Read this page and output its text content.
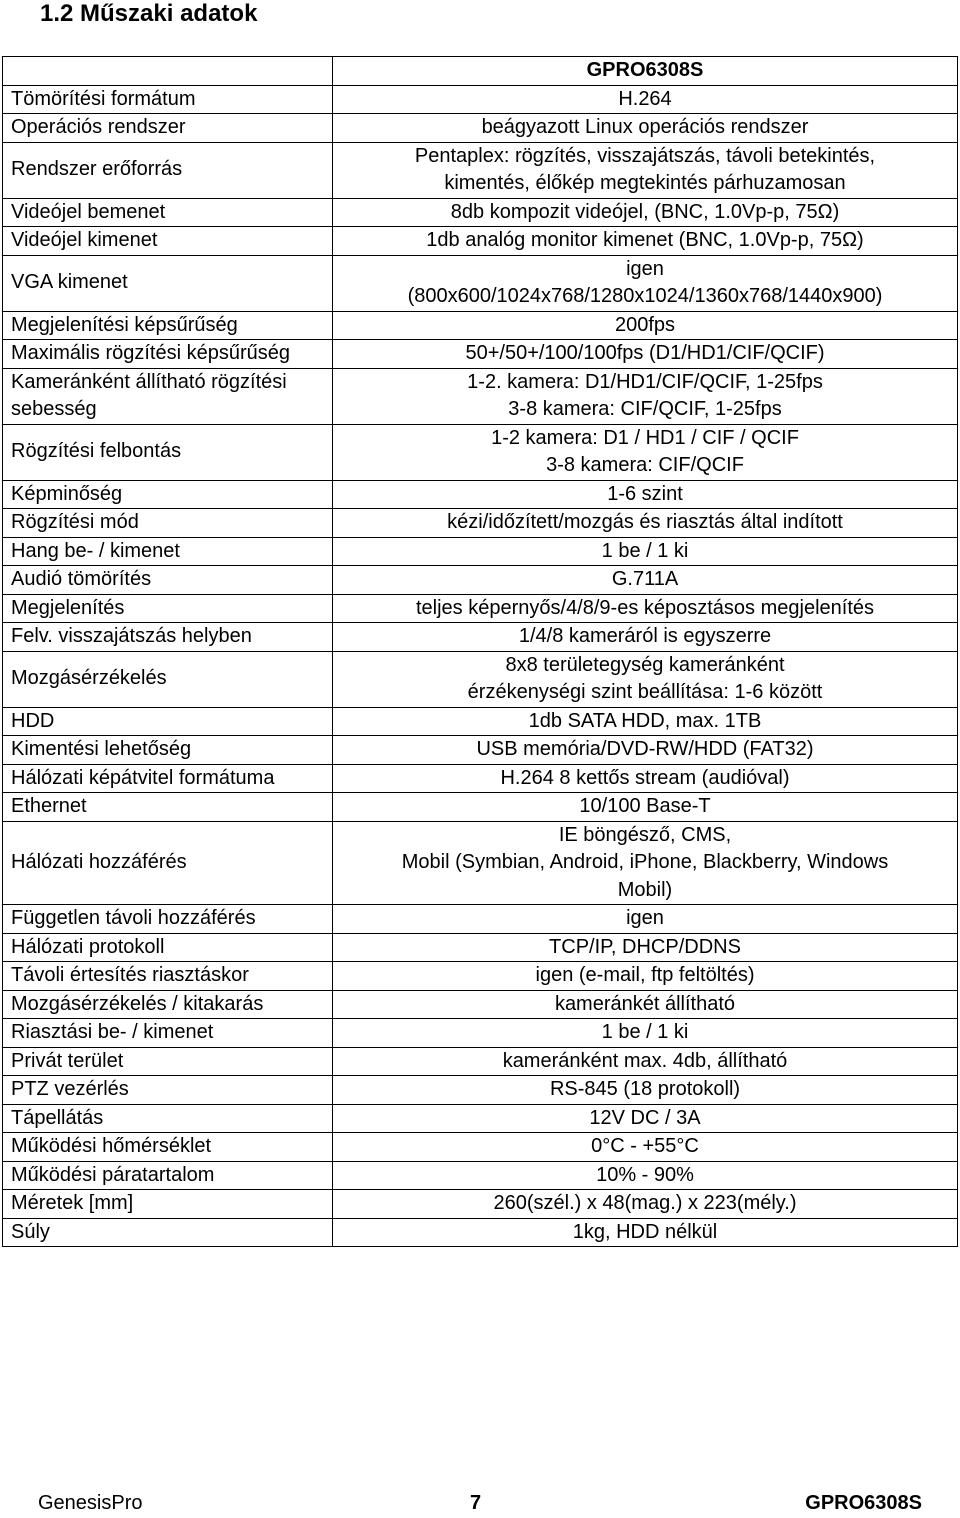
1.2 Műszaki adatok

	GPRO6308S

Tömörítési formátum	H.264

Operációs rendszer	beágyazott Linux operációs rendszer

Rendszer erőforrás	Pentaplex: rögzítés, visszajátszás, távoli betekintés,
kimentés, élőkép megtekintés párhuzamosan

Videójel bemenet	8db kompozit videójel, (BNC, 1.0Vp-p, 75Ω)

Videójel kimenet	1db analóg monitor kimenet (BNC, 1.0Vp-p, 75Ω)

VGA kimenet	igen
(800x600/1024x768/1280x1024/1360x768/1440x900)

Megjelenítési képsűrűség	200fps

Maximális rögzítési képsűrűség	50+/50+/100/100fps (D1/HD1/CIF/QCIF)

Kameránként állítható rögzítési sebesség	1-2. kamera: D1/HD1/CIF/QCIF, 1-25fps
3-8 kamera: CIF/QCIF, 1-25fps

Rögzítési felbontás	1-2 kamera: D1 / HD1 / CIF / QCIF
3-8 kamera: CIF/QCIF

Képminőség	1-6 szint

Rögzítési mód	kézi/időzített/mozgás és riasztás által indított

Hang be- / kimenet	1 be / 1 ki

Audió tömörítés	G.711A

Megjelenítés	teljes képernyős/4/8/9-es képosztásos megjelenítés

Felv. visszajátszás helyben	1/4/8 kameráról is egyszerre

Mozgásérzékelés	8x8 területegység kameránként
érzékenységi szint beállítása: 1-6 között

HDD	1db SATA HDD, max. 1TB

Kimentési lehetőség	USB memória/DVD-RW/HDD (FAT32)

Hálózati képátvitel formátuma	H.264 8 kettős stream (audióval)

Ethernet	10/100 Base-T

Hálózati hozzáférés	IE böngésző, CMS,
Mobil (Symbian, Android, iPhone, Blackberry, Windows
Mobil)

Független távoli hozzáférés	igen

Hálózati protokoll	TCP/IP, DHCP/DDNS

Távoli értesítés riasztáskor	igen (e-mail, ftp feltöltés)

Mozgásérzékelés / kitakarás	kameránkét állítható

Riasztási be- / kimenet	1 be / 1 ki

Privát terület	kameránként max. 4db, állítható

PTZ vezérlés	RS-845 (18 protokoll)

Tápellátás	12V DC / 3A

Működési hőmérséklet	0°C - +55°C

Működési páratartalom	10% - 90%

Méretek [mm]	260(szél.) x 48(mag.) x 223(mély.)

Súly	1kg, HDD nélkül
GenesisPro	7	GPRO6308S
